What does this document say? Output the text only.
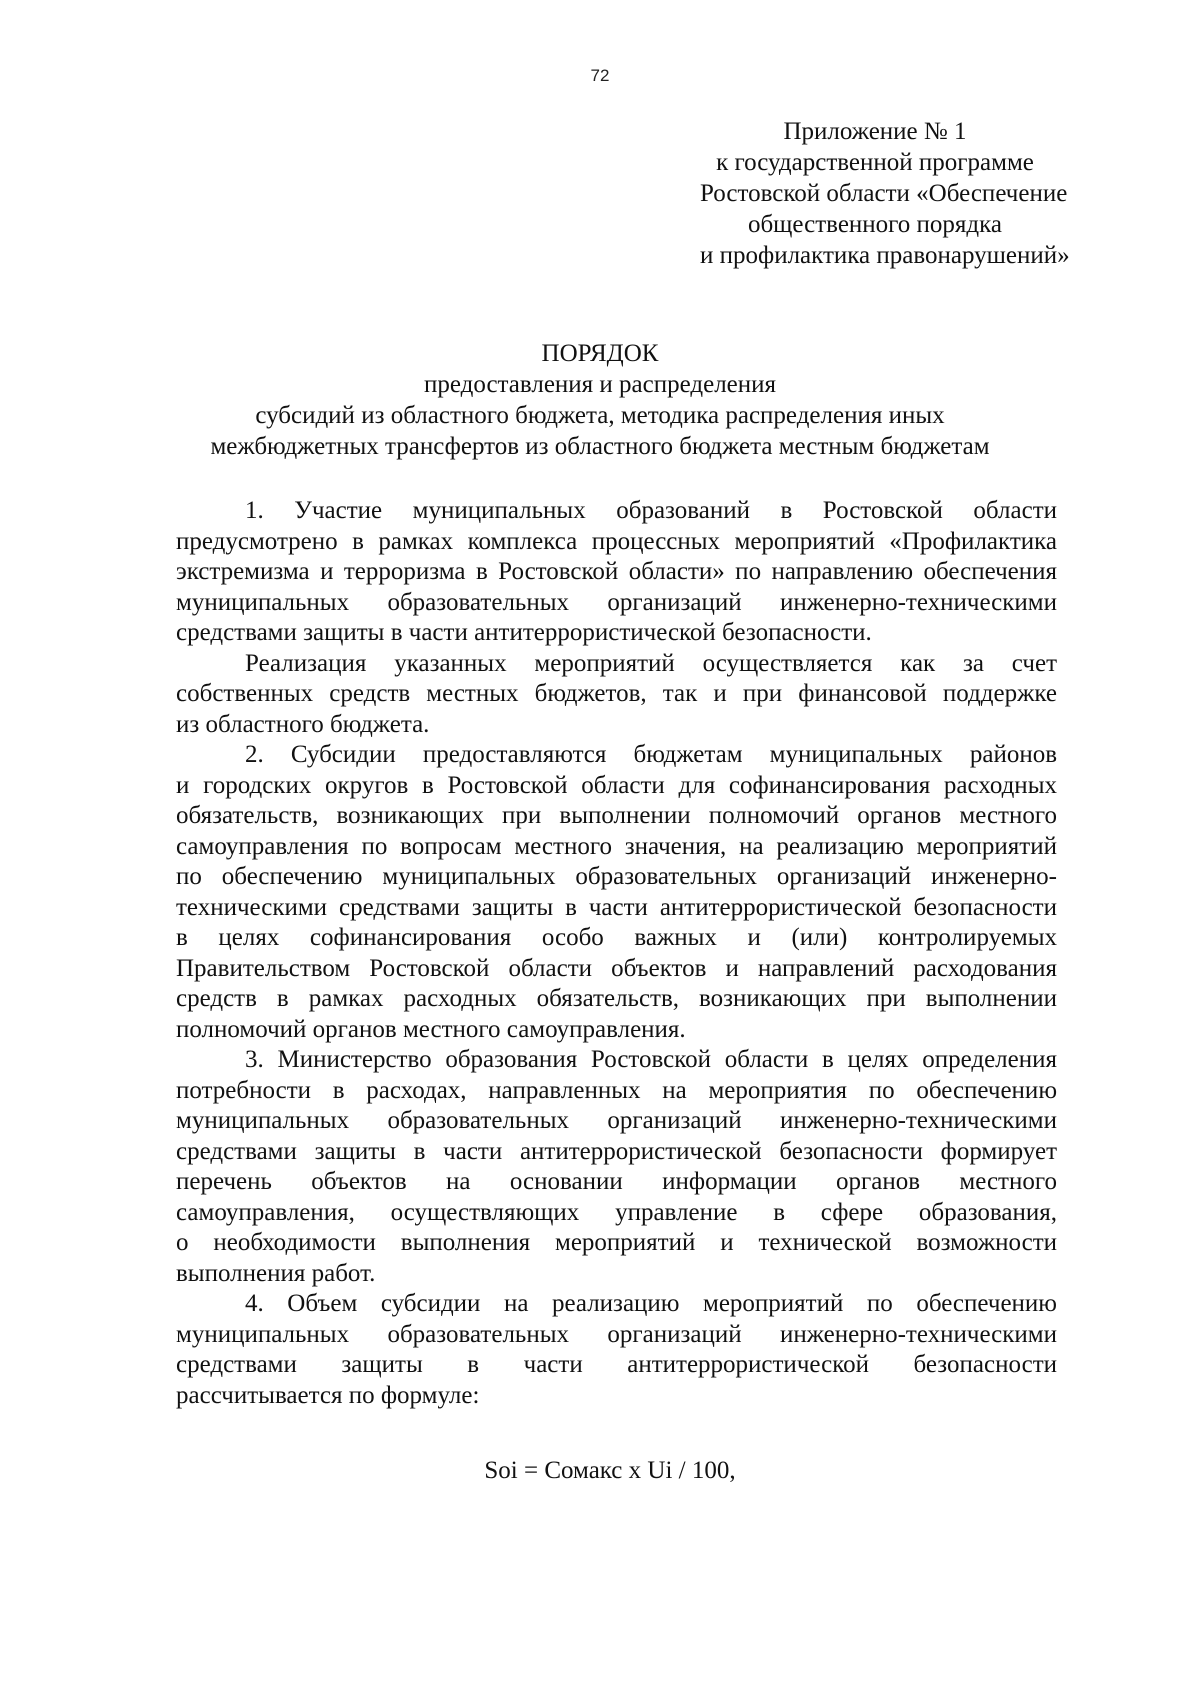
72
Приложение № 1
к государственной программе
Ростовской области «Обеспечение
общественного порядка
и профилактика правонарушений»
ПОРЯДОК
предоставления и распределения
субсидий из областного бюджета, методика распределения иных
межбюджетных трансфертов из областного бюджета местным бюджетам
1. Участие муниципальных образований в Ростовской области
предусмотрено в рамках комплекса процессных мероприятий «Профилактика
экстремизма и терроризма в Ростовской области» по направлению обеспечения
муниципальных образовательных организаций инженерно-техническими
средствами защиты в части антитеррористической безопасности.
Реализация указанных мероприятий осуществляется как за счет
собственных средств местных бюджетов, так и при финансовой поддержке
из областного бюджета.
2. Субсидии предоставляются бюджетам муниципальных районов
и городских округов в Ростовской области для софинансирования расходных
обязательств, возникающих при выполнении полномочий органов местного
самоуправления по вопросам местного значения, на реализацию мероприятий
по обеспечению муниципальных образовательных организаций инженерно-
техническими средствами защиты в части антитеррористической безопасности
в целях софинансирования особо важных и (или) контролируемых
Правительством Ростовской области объектов и направлений расходования
средств в рамках расходных обязательств, возникающих при выполнении
полномочий органов местного самоуправления.
3. Министерство образования Ростовской области в целях определения
потребности в расходах, направленных на мероприятия по обеспечению
муниципальных образовательных организаций инженерно-техническими
средствами защиты в части антитеррористической безопасности формирует
перечень объектов на основании информации органов местного
самоуправления, осуществляющих управление в сфере образования,
о необходимости выполнения мероприятий и технической возможности
выполнения работ.
4. Объем субсидии на реализацию мероприятий по обеспечению
муниципальных образовательных организаций инженерно-техническими
средствами защиты в части антитеррористической безопасности
рассчитывается по формуле:
Soi = Сомакс х Ui / 100,
